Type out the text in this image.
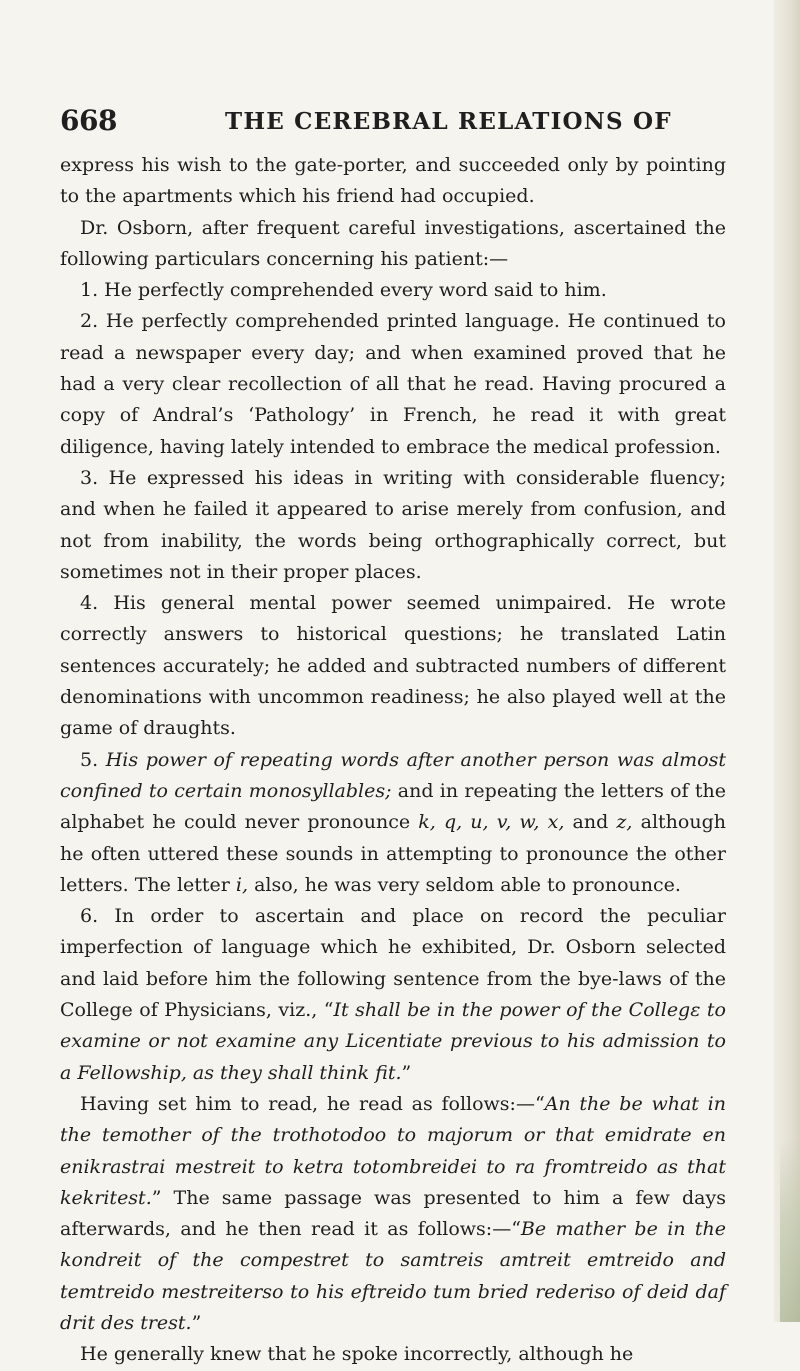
668	THE CEREBRAL RELATIONS OF

express his wish to the gate-porter, and succeeded only by pointing to the apartments which his friend had occupied.

Dr. Osborn, after frequent careful investigations, ascertained the following particulars concerning his patient:—

1. He perfectly comprehended every word said to him.

2. He perfectly comprehended printed language. He continued to read a newspaper every day; and when examined proved that he had a very clear recollection of all that he read. Having procured a copy of Andral’s ‘Pathology’ in French, he read it with great diligence, having lately intended to embrace the medical profession.

3. He expressed his ideas in writing with considerable fluency; and when he failed it appeared to arise merely from confusion, and not from inability, the words being orthographically correct, but sometimes not in their proper places.

4. His general mental power seemed unimpaired. He wrote correctly answers to historical questions; he translated Latin sentences accurately; he added and subtracted numbers of different denominations with uncommon readiness; he also played well at the game of draughts.

5. His power of repeating words after another person was almost confined to certain monosyllables; and in repeating the letters of the alphabet he could never pronounce k, q, u, v, w, x, and z, although he often uttered these sounds in attempting to pronounce the other letters. The letter i, also, he was very seldom able to pronounce.

6. In order to ascertain and place on record the peculiar imperfection of language which he exhibited, Dr. Osborn selected and laid before him the following sentence from the bye-laws of the College of Physicians, viz., “It shall be in the power of the Collegε to examine or not examine any Licentiate previous to his admission to a Fellowship, as they shall think fit.”

Having set him to read, he read as follows:—“An the be what in the temother of the trothotodoo to majorum or that emidrate en enikrastrai mestreit to ketra totombreidei to ra fromtreido as that kekritest.” The same passage was presented to him a few days afterwards, and he then read it as follows:—“Be mather be in the kondreit of the compestret to samtreis amtreit emtreido and temtreido mestreiterso to his eftreido tum bried rederiso of deid daf drit des trest.”

He generally knew that he spoke incorrectly, although he
